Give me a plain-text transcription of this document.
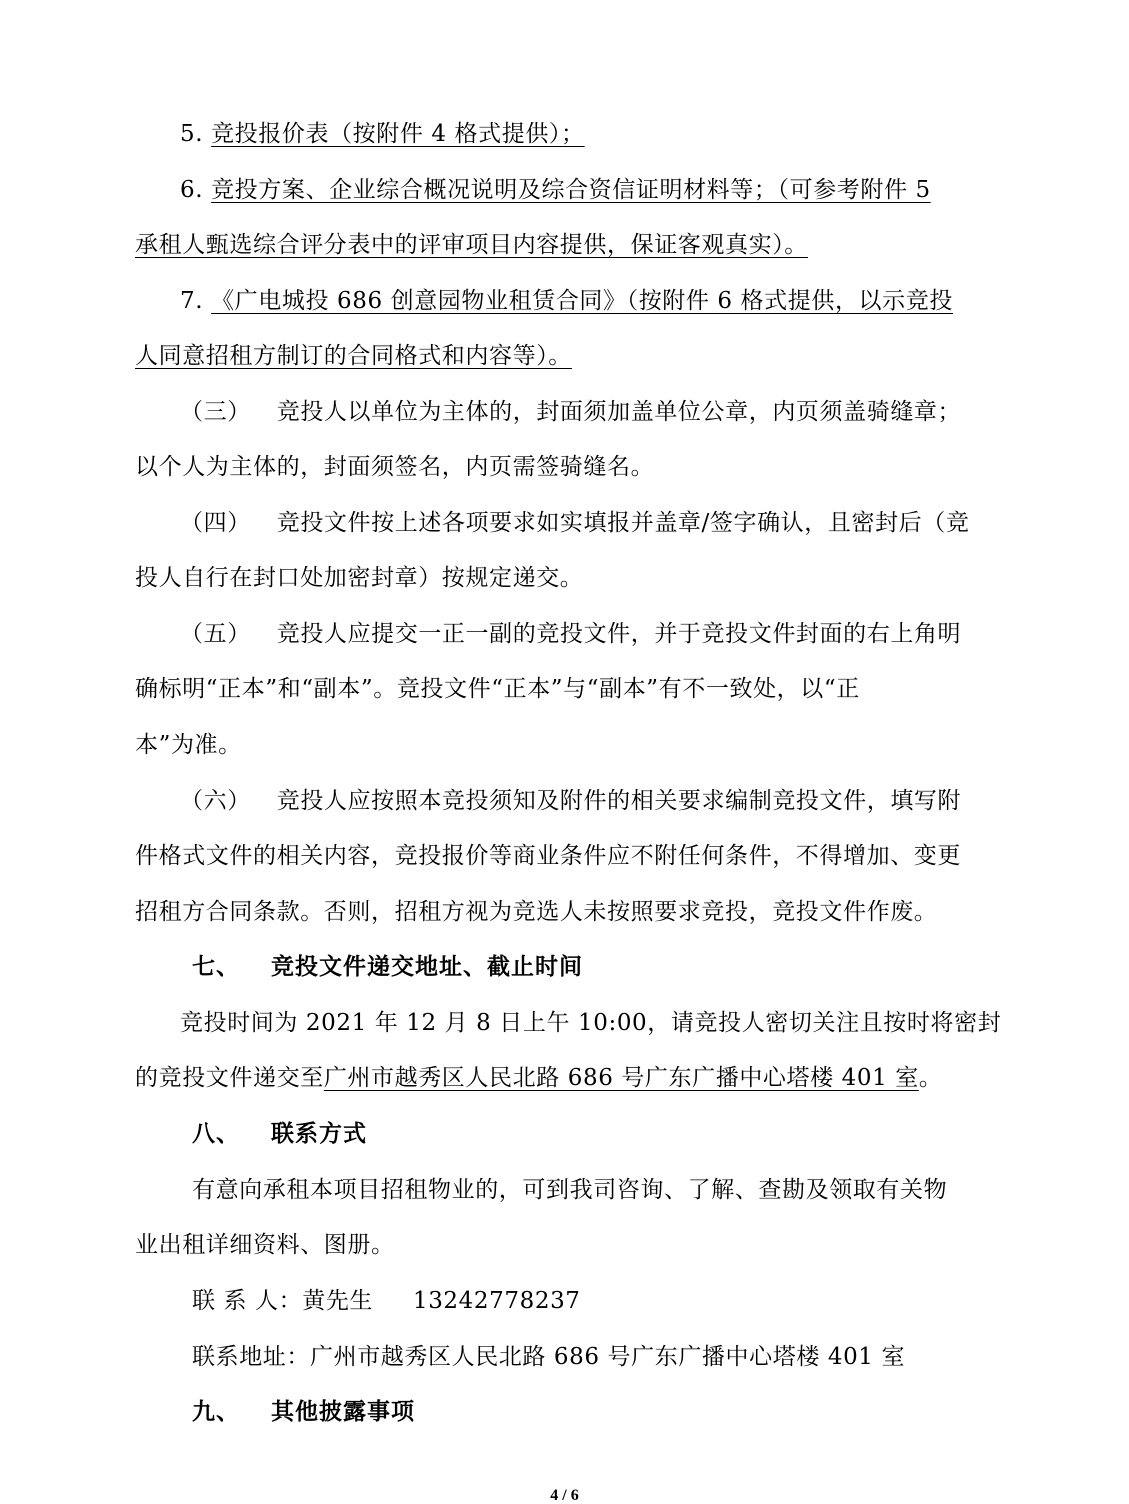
5. 竞投报价表（按附件 4 格式提供）；
6. 竞投方案、企业综合概况说明及综合资信证明材料等；（可参考附件 5
承租人甄选综合评分表中的评审项目内容提供，保证客观真实）。
7. 《广电城投 686 创意园物业租赁合同》（按附件 6 格式提供，以示竞投
人同意招租方制订的合同格式和内容等）。
（三） 竞投人以单位为主体的，封面须加盖单位公章，内页须盖骑缝章；
以个人为主体的，封面须签名，内页需签骑缝名。
（四） 竞投文件按上述各项要求如实填报并盖章/签字确认，且密封后（竞
投人自行在封口处加密封章）按规定递交。
（五） 竞投人应提交一正一副的竞投文件，并于竞投文件封面的右上角明
确标明“正本”和“副本”。竞投文件“正本”与“副本”有不一致处，以“正
本”为准。
（六） 竞投人应按照本竞投须知及附件的相关要求编制竞投文件，填写附
件格式文件的相关内容，竞投报价等商业条件应不附任何条件，不得增加、变更
招租方合同条款。否则，招租方视为竞选人未按照要求竞投，竞投文件作废。
七、 竞投文件递交地址、截止时间
竞投时间为 2021 年 12 月 8 日上午 10:00，请竞投人密切关注且按时将密封
的竞投文件递交至广州市越秀区人民北路 686 号广东广播中心塔楼 401 室。
八、 联系方式
有意向承租本项目招租物业的，可到我司咨询、了解、查勘及领取有关物
业出租详细资料、图册。
联 系 人：黄先生 13242778237
联系地址：广州市越秀区人民北路 686 号广东广播中心塔楼 401 室
九、 其他披露事项
4 / 6
